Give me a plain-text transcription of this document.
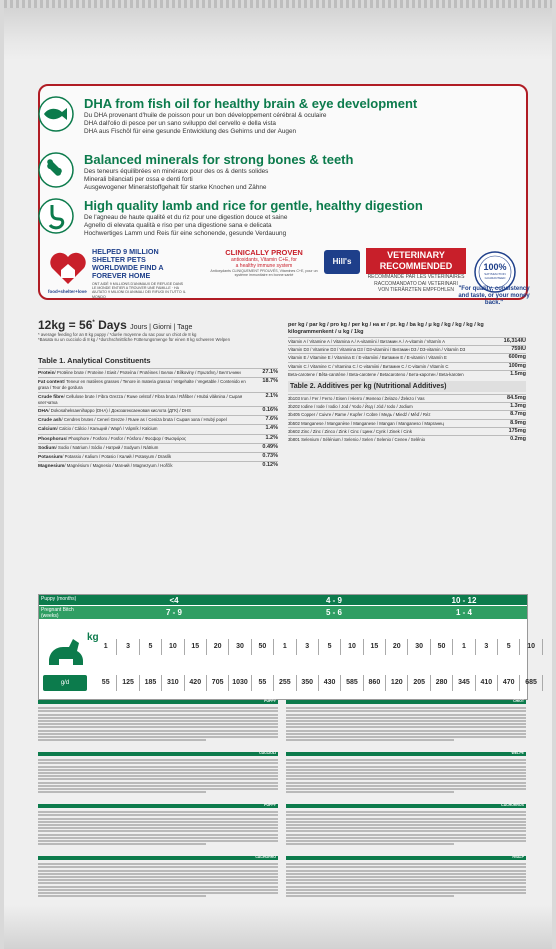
DHA from fish oil for healthy brain & eye development

Du DHA provenant d'huile de poisson pour un bon développement cérébral & oculaire

DHA dall'olio di pesce per un sano sviluppo del cervello e della vista

DHA aus Fischöl für eine gesunde Entwicklung des Gehirns und der Augen

Balanced minerals for strong bones & teeth

Des teneurs équilibrées en minéraux pour des os & dents solides

Minerali bilanciati per ossa e denti forti

Ausgewogener Mineralstoffgehalt für starke Knochen und Zähne

High quality lamb and rice for gentle, healthy digestion

De l'agneau de haute qualité et du riz pour une digestion douce et saine

Agnello di elevata qualità e riso per una digestione sana e delicata

Hochwertiges Lamm und Reis für eine schonende, gesunde Verdauung

HELPED 9 MILLION SHELTER PETS WORLDWIDE FIND A FOREVER HOME
ONT AIDÉ 9 MILLIONS D'ANIMAUX DE REFUGE DANS LE MONDE ENTIER A TROUVER UNE FAMILLE · HA AIUTATO 9 MILIONI DI ANIMALI DEI RIFUGI IN TUTTO IL MONDO
food+shelter+love
CLINICALLY PROVEN
antioxidants, Vitamin C+E, for
a healthy immune system
Antioxydants CLINIQUEMENT PROUVÉS, Vitamines C+E, pour un système immunitaire en bonne santé
Hill's
VETERINARY RECOMMENDED
RECOMMANDÉ PAR LES VÉTÉRINAIRES
RACCOMANDATO DAI VETERINARI
VON TIERÄRZTEN EMPFOHLEN
100%
SATISFACTION GUARANTEED
"For quality, consistency and taste, or your money back."
12kg = 56* Days Jours | Giorni | Tage
* average feeding for an 8 kg puppy / *durée moyenne du sac pour un chiot de 8 kg
*Basata su un cucciolo di 8 kg / *durchschnittliche Fütterungsmenge für einen 8 kg schweren Welpen
Table 1. Analytical Constituents
Protein/ Protéine brute / Proteine / Eiwit / Proteína / Protéines / Белок / Bílkoviny / Πρωτεΐνη / Белтъчини	27.1%
Fat content/ Teneur en matières grasses / Tenore in materia grassa / Vetgehalte / Vegetable / Contenido en grasa / Teor de gordura
18.7%
Crude fibre/ Cellulose brute / Fibra Grezza / Ruwe celstof / Fibra bruta / Råfiber / Hrubá vláknina / Сырая клетчатка
2.1%
DHA/ Dokosaheksaenihappo (DHA) / Докозагексаеновая кислота (ДГК) / DHS	0.16%
Crude ash/ Cendres brutes / Ceneri Grezze / Ruwe as / Ceniza bruta / Сырая зола / Hrubý popel	7.6%
Calcium/ Calcio / Cálcio / Кальций / Wapń / Vápník / Kalcium	1.4%
Phosphorus/ Phosphore / Fosforo / Fosfor / Fósforo / Фосфор / Φωσφόρος	1.2%
Sodium/ Sodio / Natrium / Sódio / Натрий / Sodyum / Nátrium	0.49%
Potassium/ Potassio / Kalium / Potasio / Калий / Potasyum / Draslík	0.73%
Magnesium/ Magnésium / Magnesio / Магний / Magnezyum / Hořčík	0.12%
per kg / par kg / pro kg / per kg / на кг / pr. kg / ba kg / μ kg / kg / kg / kg / kg kilogrammenkent / u kg / 1kg
Vitamin A / Vitamine A / Vitamina A / A-vitamiini / Витамин А / A-vitamin / Vitamín A	16,314IU
Vitamin D3 / Vitamine D3 / Vitamina D3 / D3-vitamiini / Витамин D3 / D3-vitamin / Vitamín D3	759IU
Vitamin E / Vitamine E / Vitamina E / E-vitamiini / Витамин Е / E-vitamin / Vitamín E	600mg
Vitamin C / Vitamine C / Vitamina C / C-vitamiini / Витамин С / C-vitamin / Vitamín C	100mg
Beta-carotene / Bêta-carotène / Beta-carotene / Betacaroteno / Бета-каротин / Beta-karoten	1.5mg
Table 2. Additives per kg (Nutritional Additives)
3b103 Iron / Fer / Ferro / Eisen / Hierro / Железо / Żelazo / Železo / Vas	84.5mg
3b202 Iodine / Iode / Iodio / Jod / Yodo / Йод / Jód / Iodo / Jodium	1.3mg
3b405 Copper / Cuivre / Rame / Kupfer / Cobre / Медь / Miedź / Měď / Réz	8.7mg
3b502 Manganese / Manganèse / Manganese / Mangan / Manganeso / Марганец	8.9mg
3b602 Zinc / Zinc / Zinco / Zink / Cinc / Цинк / Cynk / Zinek / Cink	175mg
3b801 Selenium / Sélénium / Selenio / Selen / Selenio / Селен / Selênio	0.2mg
Puppy (months)	<4	4 - 9	10 - 12
Pregnant Bitch (weeks)	7 - 9	5 - 6	1 - 4
kg
g/d
1	3	5	10	15	20	30	50	1	3	5	10	15	20	30	50	1	3	5	10
55	125	185	310	420	705	1030	55	255	350	430	585	860	120	205	280	345	410	470	685
PUPPY	CHIOT
CUCCIOLI	WELPE
PUPPY	CACHORROS
CACHORRO	HVALP
